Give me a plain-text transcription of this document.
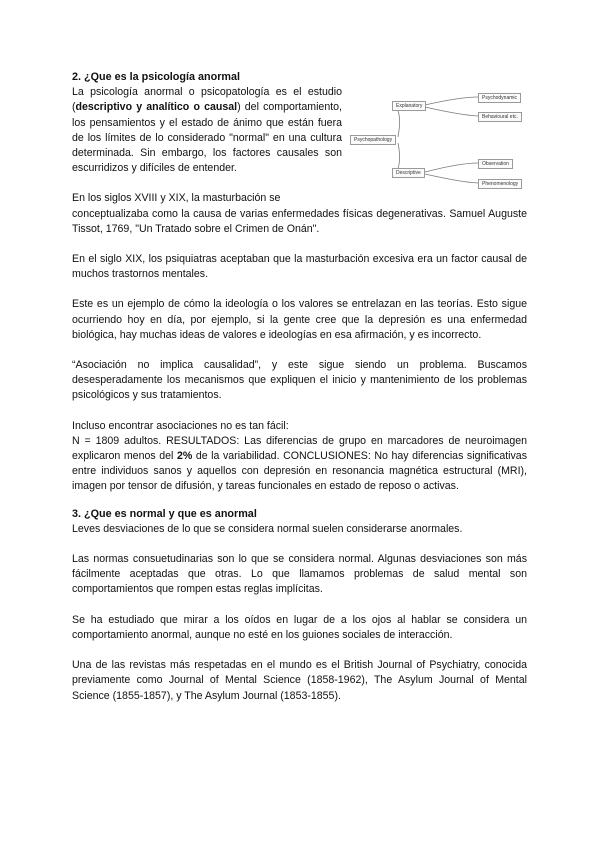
Psychopathology
Explanatory
Descriptive
Psychodynamic
Behavioural etc.
Observation
Phenomenology
2. ¿Que es la psicología anormal

La psicología anormal o psicopatología es el estudio (descriptivo y analítico o causal) del comportamiento, los pensamientos y el estado de ánimo que están fuera de los límites de lo considerado "normal" en una cultura determinada. Sin embargo, los factores causales son escurridizos y difíciles de entender.

En los siglos XVIII y XIX, la masturbación se

conceptualizaba como la causa de varias enfermedades físicas degenerativas. Samuel Auguste Tissot, 1769, "Un Tratado sobre el Crimen de Onán".

En el siglo XIX, los psiquiatras aceptaban que la masturbación excesiva era un factor causal de muchos trastornos mentales.

Este es un ejemplo de cómo la ideología o los valores se entrelazan en las teorías. Esto sigue ocurriendo hoy en día, por ejemplo, si la gente cree que la depresión es una enfermedad biológica, hay muchas ideas de valores e ideologías en esa afirmación, y es incorrecto.

“Asociación no implica causalidad”, y este sigue siendo un problema. Buscamos desesperadamente los mecanismos que expliquen el inicio y mantenimiento de los problemas psicológicos y sus tratamientos.

Incluso encontrar asociaciones no es tan fácil:

N = 1809 adultos. RESULTADOS: Las diferencias de grupo en marcadores de neuroimagen explicaron menos del 2% de la variabilidad. CONCLUSIONES: No hay diferencias significativas entre individuos sanos y aquellos con depresión en resonancia magnética estructural (MRI), imagen por tensor de difusión, y tareas funcionales en estado de reposo o activas.

3. ¿Que es normal y que es anormal

Leves desviaciones de lo que se considera normal suelen considerarse anormales.

Las normas consuetudinarias son lo que se considera normal. Algunas desviaciones son más fácilmente aceptadas que otras. Lo que llamamos problemas de salud mental son comportamientos que rompen estas reglas implícitas.

Se ha estudiado que mirar a los oídos en lugar de a los ojos al hablar se considera un comportamiento anormal, aunque no esté en los guiones sociales de interacción.

Una de las revistas más respetadas en el mundo es el British Journal of Psychiatry, conocida previamente como Journal of Mental Science (1858-1962), The Asylum Journal of Mental Science (1855-1857), y The Asylum Journal (1853-1855).
